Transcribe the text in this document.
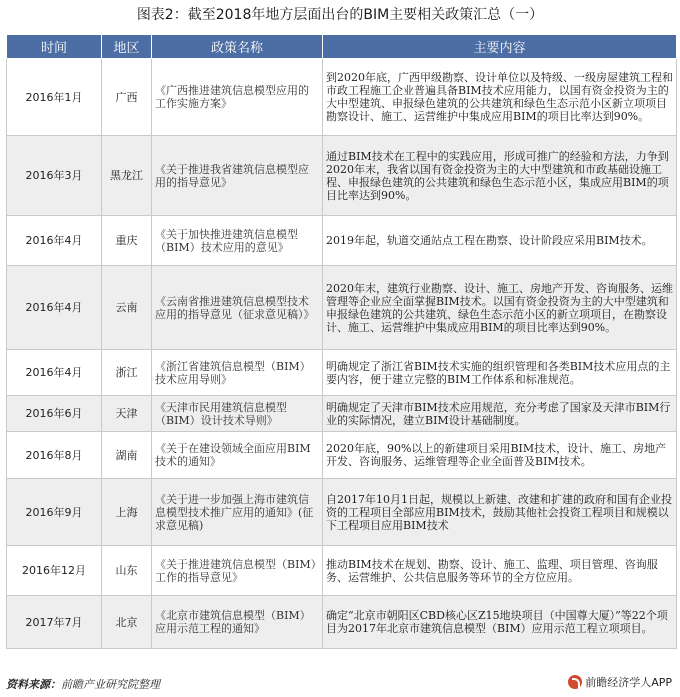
图表2：截至2018年地方层面出台的BIM主要相关政策汇总（一）
时间	地区	政策名称	主要内容
2016年1月	广西	《广西推进建筑信息模型应用的工作实施方案》	到2020年底，广西甲级勘察、设计单位以及特级、一级房屋建筑工程和市政工程施工企业普遍具备BIM技术应用能力，以国有资金投资为主的大中型建筑、申报绿色建筑的公共建筑和绿色生态示范小区新立项项目勘察设计、施工、运营维护中集成应用BIM的项目比率达到90%。
2016年3月	黑龙江	《关于推进我省建筑信息模型应用的指导意见》	通过BIM技术在工程中的实践应用，形成可推广的经验和方法，力争到2020年末，我省以国有资金投资为主的大中型建筑和市政基础设施工程、申报绿色建筑的公共建筑和绿色生态示范小区，集成应用BIM的项目比率达到90%。
2016年4月	重庆	《关于加快推进建筑信息模型（BIM）技术应用的意见》	2019年起，轨道交通站点工程在勘察、设计阶段应采用BIM技术。
2016年4月	云南	《云南省推进建筑信息模型技术应用的指导意见（征求意见稿）》	2020年末，建筑行业勘察、设计、施工、房地产开发、咨询服务、运维管理等企业应全面掌握BIM技术。以国有资金投资为主的大中型建筑和申报绿色建筑的公共建筑、绿色生态示范小区的新立项项目，在勘察设计、施工、运营维护中集成应用BIM的项目比率达到90%。
2016年4月	浙江	《浙江省建筑信息模型（BIM）技术应用导则》	明确规定了浙江省BIM技术实施的组织管理和各类BIM技术应用点的主要内容，便于建立完整的BIM工作体系和标准规范。
2016年6月	天津	《天津市民用建筑信息模型（BIM）设计技术导则》	明确规定了天津市BIM技术应用规范，充分考虑了国家及天津市BIM行业的实际情况，建立BIM设计基础制度。
2016年8月	湖南	《关于在建设领域全面应用BIM技术的通知》	2020年底，90%以上的新建项目采用BIM技术，设计、施工、房地产开发、咨询服务、运维管理等企业全面普及BIM技术。
2016年9月	上海	《关于进一步加强上海市建筑信息模型技术推广应用的通知》(征求意见稿)	自2017年10月1日起，规模以上新建、改建和扩建的政府和国有企业投资的工程项目全部应用BIM技术，鼓励其他社会投资工程项目和规模以下工程项目应用BIM技术
2016年12月	山东	《关于推进建筑信息模型（BIM）工作的指导意见》	推动BIM技术在规划、勘察、设计、施工、监理、项目管理、咨询服务、运营维护、公共信息服务等环节的全方位应用。
2017年7月	北京	《北京市建筑信息模型（BIM）应用示范工程的通知》	确定“北京市朝阳区CBD核心区Z15地块项目（中国尊大厦）”等22个项目为2017年北京市建筑信息模型（BIM）应用示范工程立项项目。
资料来源：前瞻产业研究院整理	前瞻经济学人APP
